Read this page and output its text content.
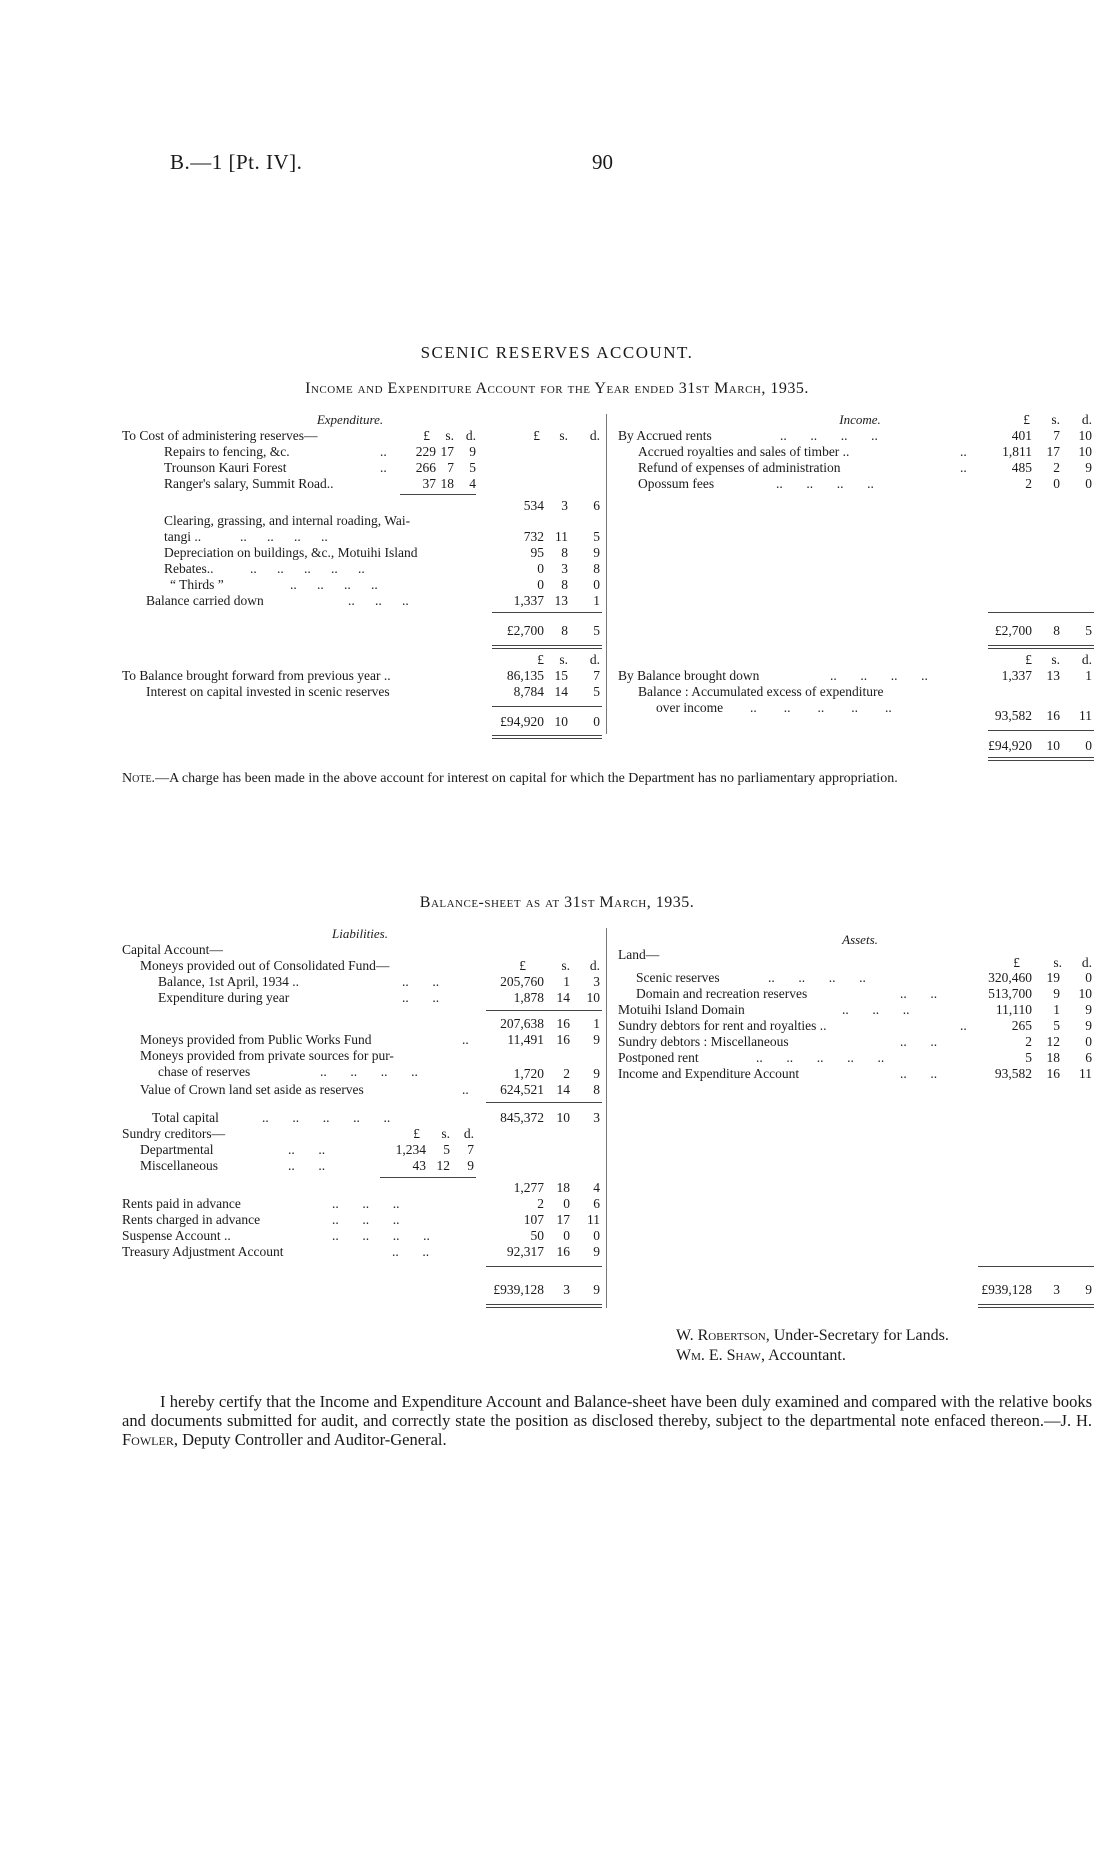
B.—1 [Pt. IV].	90
SCENIC RESERVES ACCOUNT.
Income and Expenditure Account for the Year ended 31st March, 1935.
Expenditure.
£	s. d.	£	s.	d.
To Cost of administering reserves—
Repairs to fencing, &c.	..	229 17	9
Trounson Kauri Forest	..	266 7	5
Ranger's salary, Summit Road..	37 18	4
534	3	6
Clearing, grassing, and internal roading, Wai-
tangi ..	..      ..      ..      ..	732 11	5
Depreciation on buildings, &c., Motuihi Island	95	8	9
Rebates..	..      ..      ..      ..      ..	0	3	8
“ Thirds ”	..      ..      ..      ..	0	8	0
Balance carried down	..      ..      ..	1,337 13	1
£2,700	8	5
£	s.	d.
To Balance brought forward from previous year ..	86,135 15	7
Interest on capital invested in scenic reserves	8,784 14	5
£94,920 10	0
Income.	£	s.	d.
By Accrued rents	..       ..       ..       ..	401	7	10
Accrued royalties and sales of timber ..	..	1,811	17	10
Refund of expenses of administration	..	485	2	9
Opossum fees	..       ..       ..       ..	2	0	0
£2,700	8	5
£	s.	d.
By Balance brought down	..       ..       ..       ..	1,337	13	1
Balance : Accumulated excess of expenditure
over income ..        ..        ..        ..        ..
93,582	16	11
£94,920	10	0
Note.—A charge has been made in the above account for interest on capital for which the Department has no parliamentary appropriation.
Balance-sheet as at 31st March, 1935.
Liabilities.
Capital Account—
Moneys provided out of Consolidated Fund—	£	s.	d.
Balance, 1st April, 1934 ..	..       ..	205,760	1	3
Expenditure during year	..       ..	1,878 14	10
207,638 16	1
Moneys provided from Public Works Fund	..	11,491 16	9
Moneys provided from private sources for pur-
chase of reserves	..       ..       ..       ..	1,720	2	9
Value of Crown land set aside as reserves	..	624,521 14	8
Total capital	..       ..       ..       ..       ..	845,372 10	3
Sundry creditors—	£	s.	d.
Departmental	..       ..	1,234	5	7
Miscellaneous	..       ..	43 12	9
1,277 18	4
Rents paid in advance	..       ..       ..	2	0	6
Rents charged in advance	..       ..       ..	107 17	11
Suspense Account ..	..       ..       ..       ..	50	0	0
Treasury Adjustment Account	..       ..	92,317 16	9
£939,128	3	9
Assets.
Land—
£	s.	d.
Scenic reserves	..       ..       ..       ..	320,460	19	0
Domain and recreation reserves	..       ..	513,700	9	10
Motuihi Island Domain	..       ..       ..	11,110	1	9
Sundry debtors for rent and royalties ..	..	265	5	9
Sundry debtors : Miscellaneous	..       ..	2	12	0
Postponed rent	..       ..       ..       ..       ..	5	18	6
Income and Expenditure Account	..       ..	93,582	16	11
£939,128	3	9
W. Robertson, Under-Secretary for Lands.
Wm. E. Shaw, Accountant.
I hereby certify that the Income and Expenditure Account and Balance-sheet have been duly examined and compared with the relative books and documents submitted for audit, and correctly state the position as disclosed thereby, subject to the departmental note enfaced thereon.—J. H. Fowler, Deputy Controller and Auditor-General.
